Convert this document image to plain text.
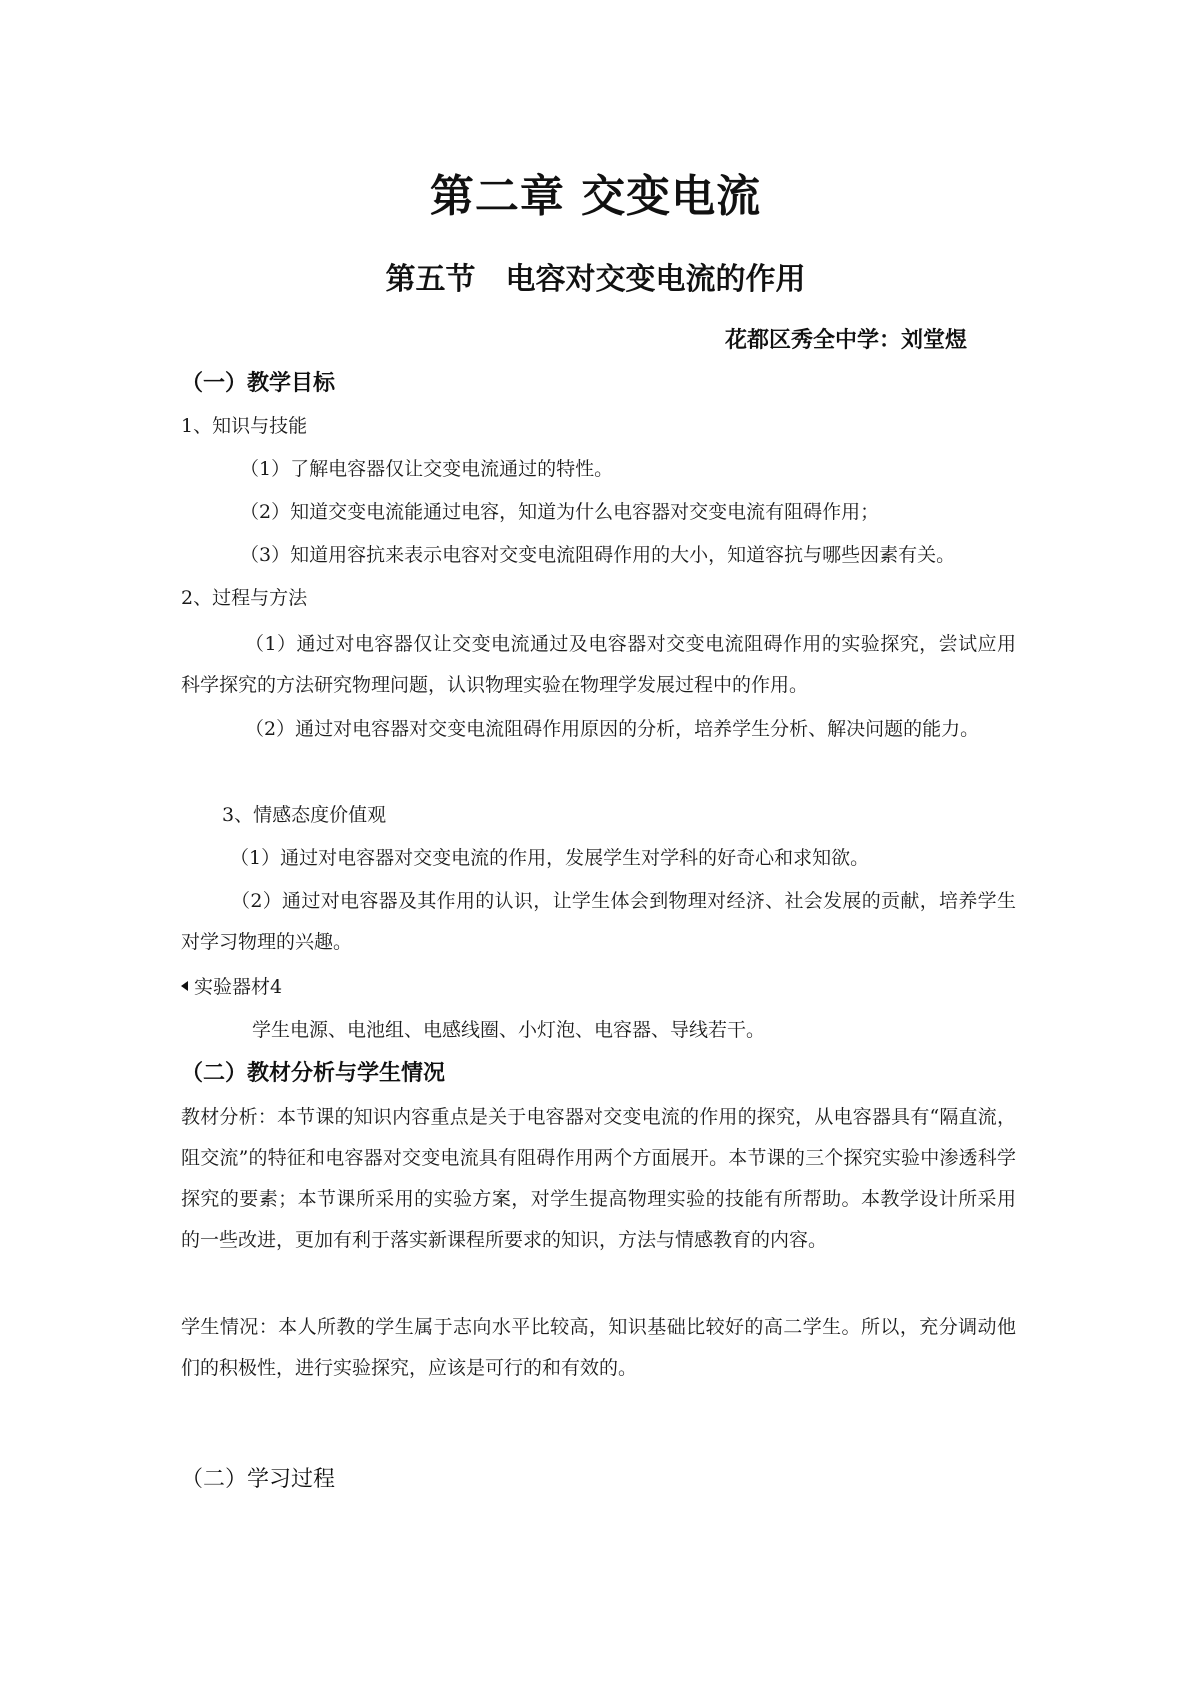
第二章 交变电流
第五节　电容对交变电流的作用
花都区秀全中学：刘堂煜
（一）教学目标
1、知识与技能
（1）了解电容器仅让交变电流通过的特性。
（2）知道交变电流能通过电容，知道为什么电容器对交变电流有阻碍作用；
（3）知道用容抗来表示电容对交变电流阻碍作用的大小，知道容抗与哪些因素有关。
2、过程与方法

（1）通过对电容器仅让交变电流通过及电容器对交变电流阻碍作用的实验探究，尝试应用科学探究的方法研究物理问题，认识物理实验在物理学发展过程中的作用。

（2）通过对电容器对交变电流阻碍作用原因的分析，培养学生分析、解决问题的能力。

3、情感态度价值观
（1）通过对电容器对交变电流的作用，发展学生对学科的好奇心和求知欲。

（2）通过对电容器及其作用的认识，让学生体会到物理对经济、社会发展的贡献，培养学生对学习物理的兴趣。

实验器材4
学生电源、电池组、电感线圈、小灯泡、电容器、导线若干。
（二）教材分析与学生情况

教材分析：本节课的知识内容重点是关于电容器对交变电流的作用的探究，从电容器具有“隔直流，阻交流”的特征和电容器对交变电流具有阻碍作用两个方面展开。本节课的三个探究实验中渗透科学探究的要素；本节课所采用的实验方案，对学生提高物理实验的技能有所帮助。本教学设计所采用的一些改进，更加有利于落实新课程所要求的知识，方法与情感教育的内容。

学生情况：本人所教的学生属于志向水平比较高，知识基础比较好的高二学生。所以，充分调动他们的积极性，进行实验探究，应该是可行的和有效的。

（二）学习过程
